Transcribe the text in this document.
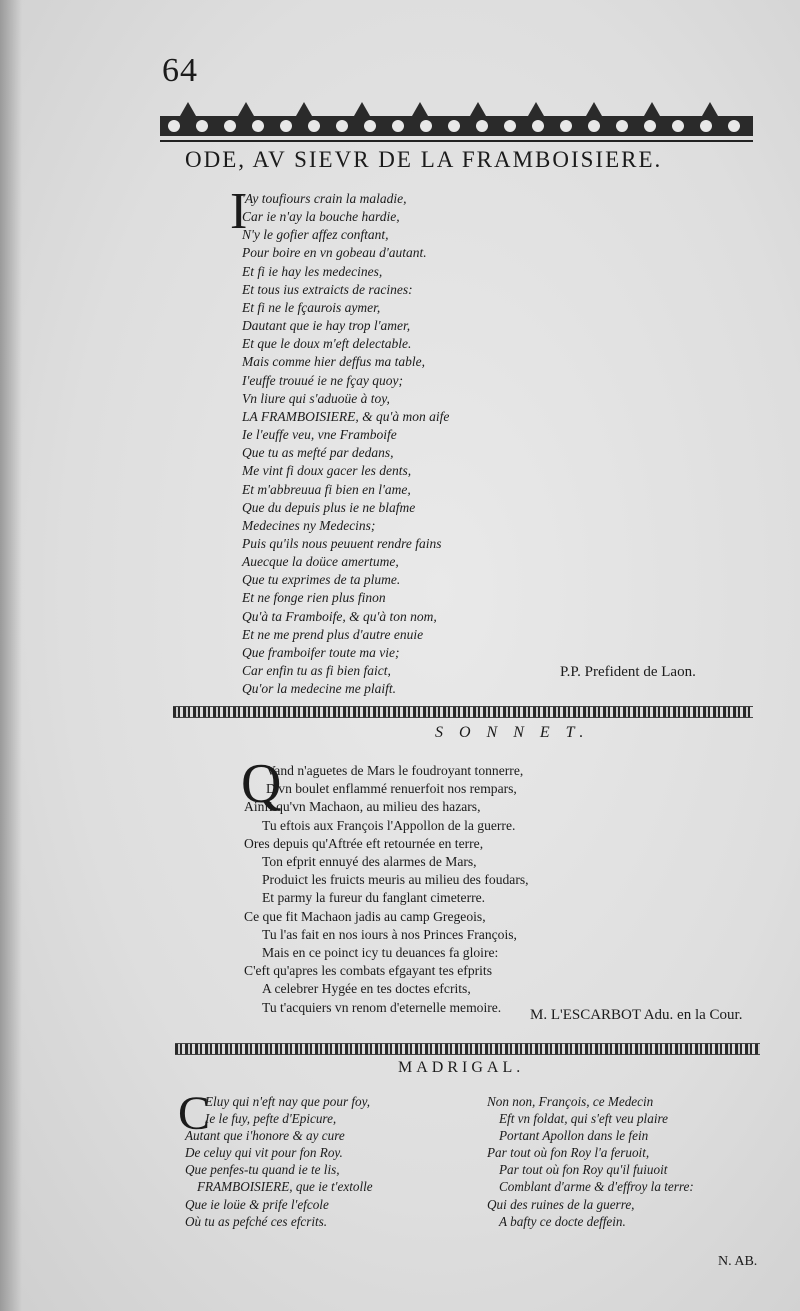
64
ODE, AV SIEVR DE LA FRAMBOISIERE.
I
'Ay toufiours crain la maladie,
Car ie n'ay la bouche hardie,
N'y le gofier affez conftant,
Pour boire en vn gobeau d'autant.
Et fi ie hay les medecines,
Et tous ius extraicts de racines:
Et fi ne le fçaurois aymer,
Dautant que ie hay trop l'amer,
Et que le doux m'eft delectable.
Mais comme hier deffus ma table,
I'euffe trouué ie ne fçay quoy;
Vn liure qui s'aduoüe à toy,
LA FRAMBOISIERE, & qu'à mon aife
Ie l'euffe veu, vne Framboife
Que tu as mefté par dedans,
Me vint fi doux gacer les dents,
Et m'abbreuua fi bien en l'ame,
Que du depuis plus ie ne blafme
Medecines ny Medecins;
Puis qu'ils nous peuuent rendre fains
Auecque la doüce amertume,
Que tu exprimes de ta plume.
Et ne fonge rien plus finon
Qu'à ta Framboife, & qu'à ton nom,
Et ne me prend plus d'autre enuie
Que framboifer toute ma vie;
Car enfin tu as fi bien faict,
Qu'or la medecine me plaift.
P.P. Prefident de Laon.
S O N N E T.
Q
Vand n'aguetes de Mars le foudroyant tonnerre,
D'vn boulet enflammé renuerfoit nos rempars,
Ainfi qu'vn Machaon, au milieu des hazars,
Tu eftois aux François l'Appollon de la guerre.
Ores depuis qu'Aftrée eft retournée en terre,
Ton efprit ennuyé des alarmes de Mars,
Produict les fruicts meuris au milieu des foudars,
Et parmy la fureur du fanglant cimeterre.
Ce que fit Machaon jadis au camp Gregeois,
Tu l'as fait en nos iours à nos Princes François,
Mais en ce poinct icy tu deuances fa gloire:
C'eft qu'apres les combats efgayant tes efprits
A celebrer Hygée en tes doctes efcrits,
Tu t'acquiers vn renom d'eternelle memoire.	M. L'ESCARBOT Adu. en la Cour.
MADRIGAL.
C
Eluy qui n'eft nay que pour foy,
Ie le fuy, pefte d'Epicure,
Autant que i'honore & ay cure
De celuy qui vit pour fon Roy.
Que penfes-tu quand ie te lis,
FRAMBOISIERE, que ie t'extolle
Que ie loüe & prife l'efcole
Où tu as pefché ces efcrits.
Non non, François, ce Medecin
Eft vn foldat, qui s'eft veu plaire
Portant Apollon dans le fein
Par tout où fon Roy l'a feruoit,
Par tout où fon Roy qu'il fuiuoit
Comblant d'arme & d'effroy la terre:
Qui des ruines de la guerre,
A bafty ce docte deffein.
N. AB.
